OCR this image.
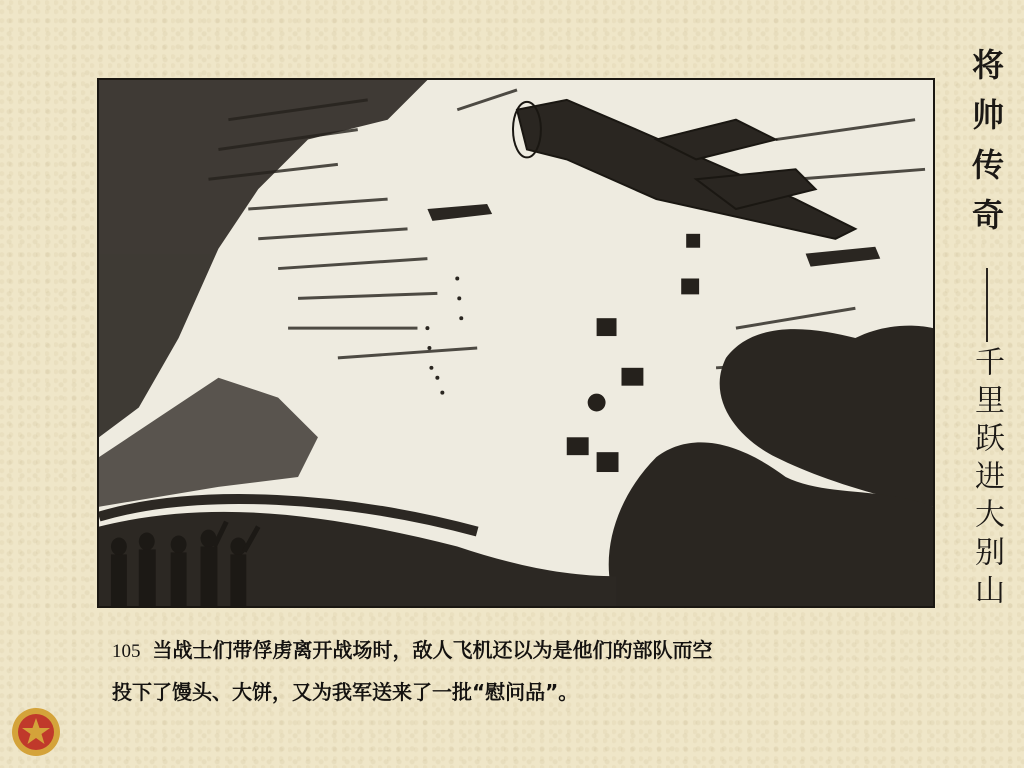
105 当战士们带俘虏离开战场时，敌人飞机还以为是他们的部队而空
投下了馒头、大饼，又为我军送来了一批“慰问品”。
将帅传奇
千里跃进大别山
